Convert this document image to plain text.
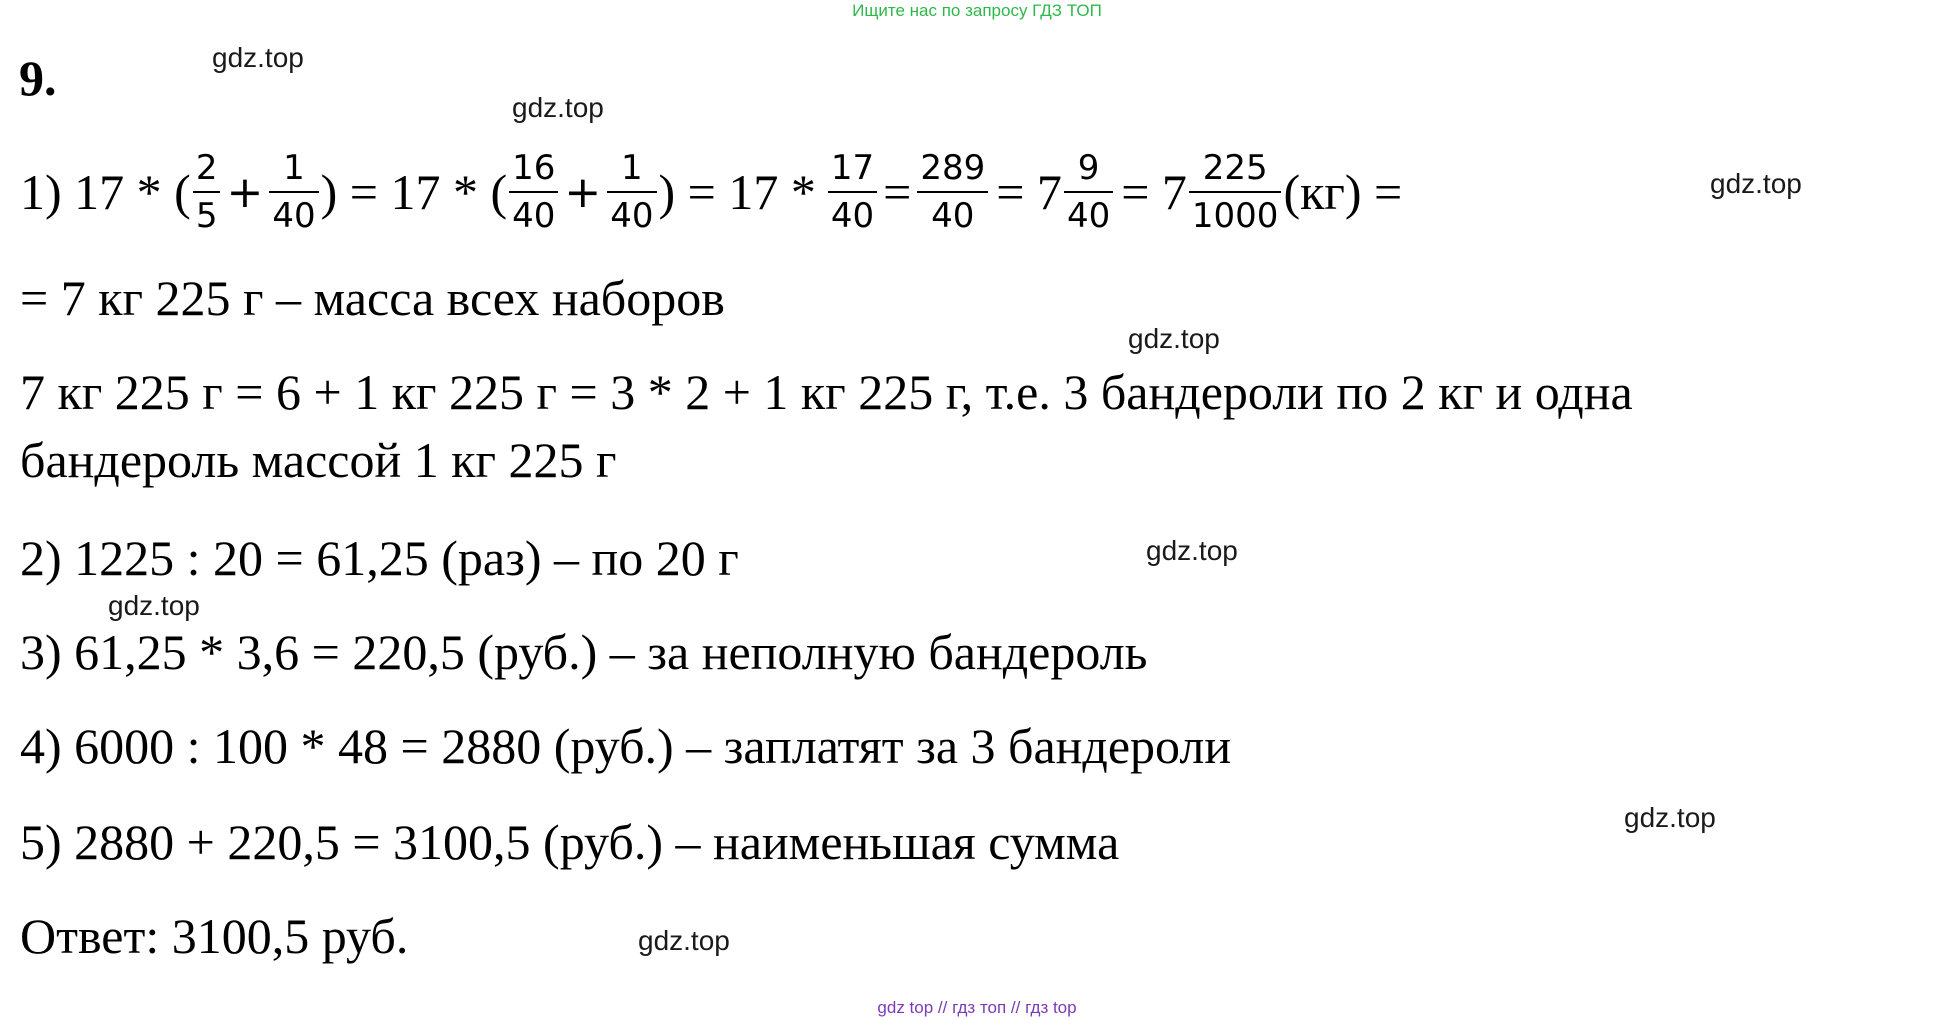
Ищите нас по запросу ГДЗ ТОП
9.	gdz.top
gdz.top
gdz.top
gdz.top
gdz.top
gdz.top
gdz.top
gdz.top
1) 17 * ( $\frac{2}{5} + \frac{1}{40}$ ) = 17 * ( $\frac{16}{40} + \frac{1}{40}$ ) = $17 * \frac{17}{40} = \frac{289}{40} = 7 \frac{9}{40} = 7 \frac{225}{1000} (кг)$ =
= 7 кг 225 г – масса всех наборов
7 кг 225 г = 6 + 1 кг 225 г = 3 * 2 + 1 кг 225 г, т.е. 3 бандероли по 2 кг и одна
бандероль массой 1 кг 225 г
2) 1225 : 20 = 61,25 (раз) – по 20 г
3) 61,25 * 3,6 = 220,5 (руб.) – за неполную бандероль
4) 6000 : 100 * 48 = 2880 (руб.) – заплатят за 3 бандероли
5) 2880 + 220,5 = 3100,5 (руб.) – наименьшая сумма
Ответ: 3100,5 руб.
gdz top // гдз топ // гдз top
